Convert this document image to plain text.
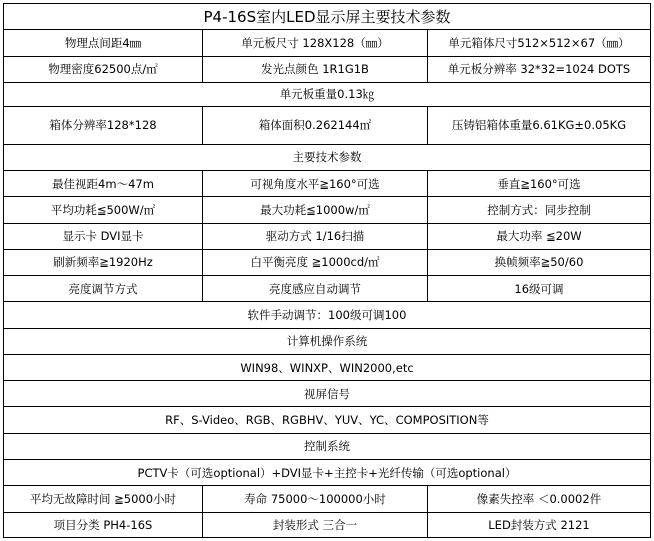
P4-16S室内LED显示屏主要技术参数		
物理点间距4㎜	单元板尺寸 128X128（㎜）	单元箱体尺寸512×512×67（㎜）
物理密度62500点/㎡	发光点颜色 1R1G1B	单元板分辨率 32*32=1024 DOTS
单元板重量0.13㎏		
箱体分辨率128*128	箱体面积0.262144㎡	压铸铝箱体重量6.61KG±0.05KG
主要技术参数		
最佳视距4m～47m	可视角度水平≧160°可选	垂直≧160°可选
平均功耗≦500W/㎡	最大功耗≦1000w/㎡	控制方式：同步控制
显示卡 DVI显卡	驱动方式 1/16扫描	最大功率 ≦20W
刷新频率≧1920Hz	白平衡亮度 ≧1000cd/㎡	换帧频率≧50/60
亮度调节方式	亮度感应自动调节	16级可调
软件手动调节：100级可调100		
计算机操作系统		
WIN98、WINXP、WIN2000,etc		
视屏信号		
RF、S-Video、RGB、RGBHV、YUV、YC、COMPOSITION等		
控制系统		
PCTV卡（可选optional）+DVI显卡+主控卡+光纤传输（可选optional）		
平均无故障时间 ≧5000小时	寿命 75000～100000小时	像素失控率 ＜0.0002件
项目分类 PH4-16S	封装形式 三合一	LED封装方式 2121
